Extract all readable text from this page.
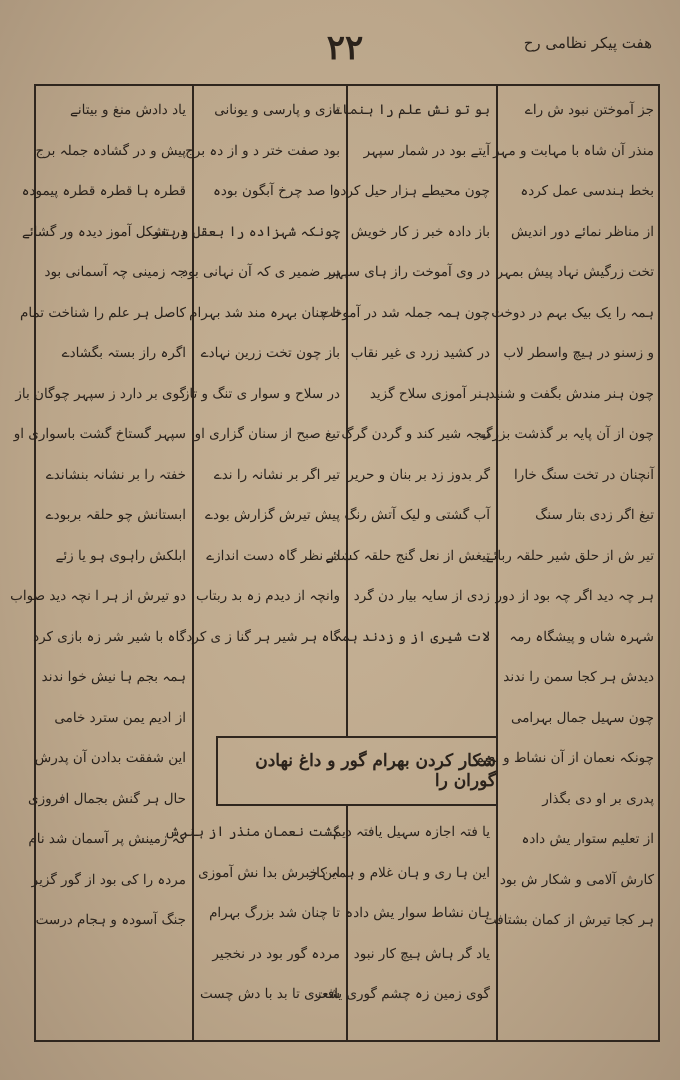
هفت پیکر نظامی رح
۲۲
شکار کردن بهرام گور و داغ نهادن گوران را
جز آموختن نبود ش راے
منذر آن شاہ با مہابت و مہر
بخط ہندسی عمل کردہ
از مناظر نمائے دور اندیش
تخت زرگیش نہاد پیش بمہر
ہمہ را یک بیک بہم در دوخت
و زسنو در ہیچ واسطر لاب
چون ہنر مندش بگفت و شنید
چون از آن پایہ بر گذشت بزرگ
آنچنان در تخت سنگ خارا
تیغ اگر زدی بتار سنگ
تیر ش از حلق شیر حلقہ ربائے
ہر چہ دید اگر چہ بود از دور
شہرہ شاں و پیشگاہ رمہ
دیدش ہر کجا سمن را ندند
چون سہیل جمال بہرامی
چونکہ نعمان از آن نشاط و نعیم
پدری بر او دی بگذار
از تعلیم ستوار یش دادہ
کارش آلامی و شکار ش بود
ہر کجا تیرش از کمان بشتافت
بو تو نش علم را ہنماے
آیتے بود در شمار سپہر
چون محیطے ہزار حیل کردہ
باز دادہ خبر ز کار خویش
در وی آموخت راز ہای سپہر
چون ہمہ جملہ شد در آموخت
در کشید زرد ی غیر نقاب
ہنر آموزی سلاح گزید
نیجہ شیر کند و گردن گرگ
گر بدوز زد بر بنان و حریر
آب گشتی و لیک آتش رنگ
تیغش از نعل گنج حلقہ کشائے
زدی از سایہ بیار دن گرد
لات شیری از و زدند ہمہ
تازی و پارسی و یونانی
بود صفت ختر د و از دہ برج
را صد چرخ آبگون بودہ
چونکہ شہزادہ را بعقل و ہنر
ہر ضمیر ی کہ آن نہانی بود
تا چنان بہرہ مند شد بہرام
باز چون تخت زرین نہادے
در سلاح و سوار ی تنگ و تاز
تیغ صبح از سنان گزاری او
تیر اگر بر نشانہ را ندے
پیش تیرش گزارش بودے
در نظر گاہ دست اندازے
وانچہ از دیدم زہ بد ربتاب
گاہ ہر شیر ہر گنا ز ی کرد
یاد دادش منغ و بیتانے
پیش و در گشادہ جملہ برج
قطرہ ہا قطرہ قطرہ پیمودہ
در تشکل آموز دیدہ ور گشائے
جہ زمینی چہ آسمانی بود
کاصل ہر علم را شناخت تمام
اگرہ راز بستہ بگشادے
گوی بر دارد ز سپہر چوگان باز
سپہر گستاخ گشت باسواری او
خفتہ را بر نشانہ بنشاندے
ابستانش چو حلقہ بربودے
ابلکش راہوی ہو یا زئے
دو تیرش از ہر ا نچہ دید صواب
گاہ با شیر شر زہ بازی کرد
ہمہ بجم ہا نیش خوا ندند
از ادیم یمن سترد خامی
این شفقت بدادن آن پدرش
حال ہر گنش بجمال افروزی
کہ زمینش پر آسمان شد نام
مردہ را کی بود از گور گزیر
جنگ آسودہ و ہجام درست
یا فتہ اجازہ سہیل یافتہ دیم
این ہا ری و ہان غلام و ہمہ کار
ہان نشاط سوار یش دادہ
یاد گر ہاش ہیچ کار نبود
گوی زمین زہ چشم گوری یافت
گشت نعمان منذر از ہنرش
این خبرش بدا نش آموزی
تا چنان شد بزرگ بہرام
مردہ گور بود در نخجیر
شعری تا بد با دش چست
